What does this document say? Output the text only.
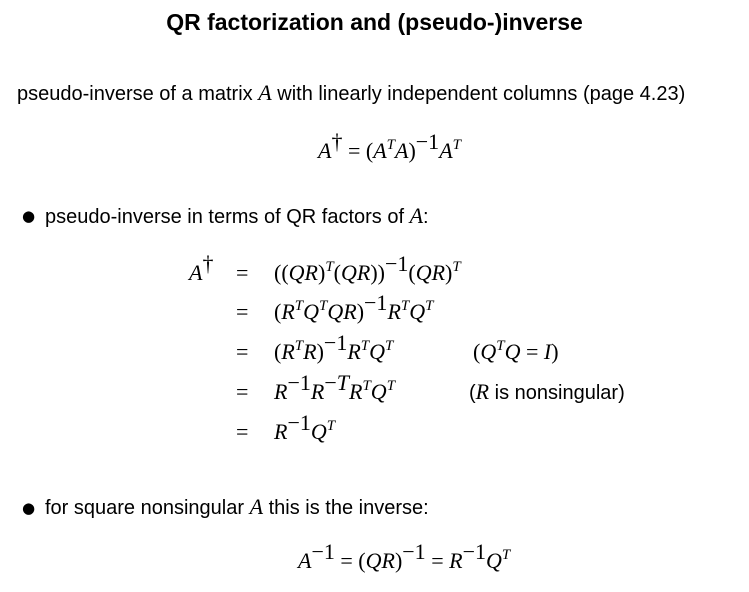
QR factorization and (pseudo-)inverse
pseudo-inverse of a matrix A with linearly independent columns (page 4.23)
$A^\dagger = (A^TA)^{-1}A^T$
● pseudo-inverse in terms of QR factors of A:
A† =
=
=
=
=
$((QR)^T(QR))^{-1}(QR)^T$
$(R^TQ^TQR)^{-1}R^TQ^T$
$(R^TR)^{-1}R^TQ^T$
$R^{-1}R^{-T}R^TQ^T$
$R^{-1}Q^T$
$(Q^TQ = I)$
(R is nonsingular)
● for square nonsingular A this is the inverse:
$A^{-1} = (QR)^{-1} = R^{-1}Q^T$
